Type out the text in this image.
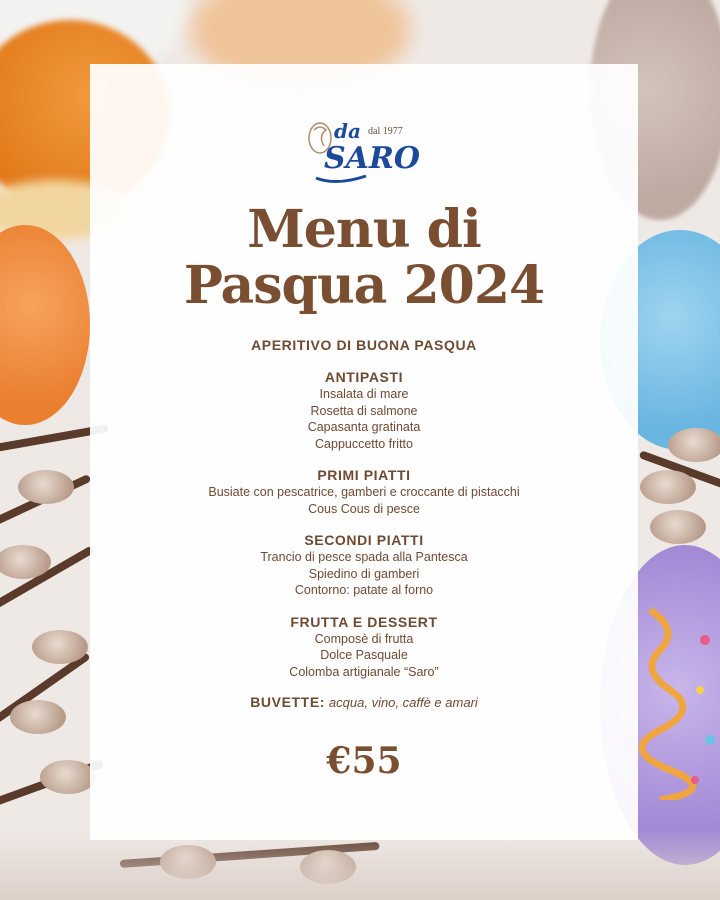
da dal 1977
SARO
Menu di
Pasqua 2024
APERITIVO DI BUONA PASQUA
ANTIPASTI
Insalata di mare
Rosetta di salmone
Capasanta gratinata
Cappuccetto fritto
PRIMI PIATTI
Busiate con pescatrice, gamberi e croccante di pistacchi
Cous Cous di pesce
SECONDI PIATTI
Trancio di pesce spada alla Pantesca
Spiedino di gamberi
Contorno: patate al forno
FRUTTA E DESSERT
Composè di frutta
Dolce Pasquale
Colomba artigianale “Saro”
BUVETTE: acqua, vino, caffè e amari
€55
